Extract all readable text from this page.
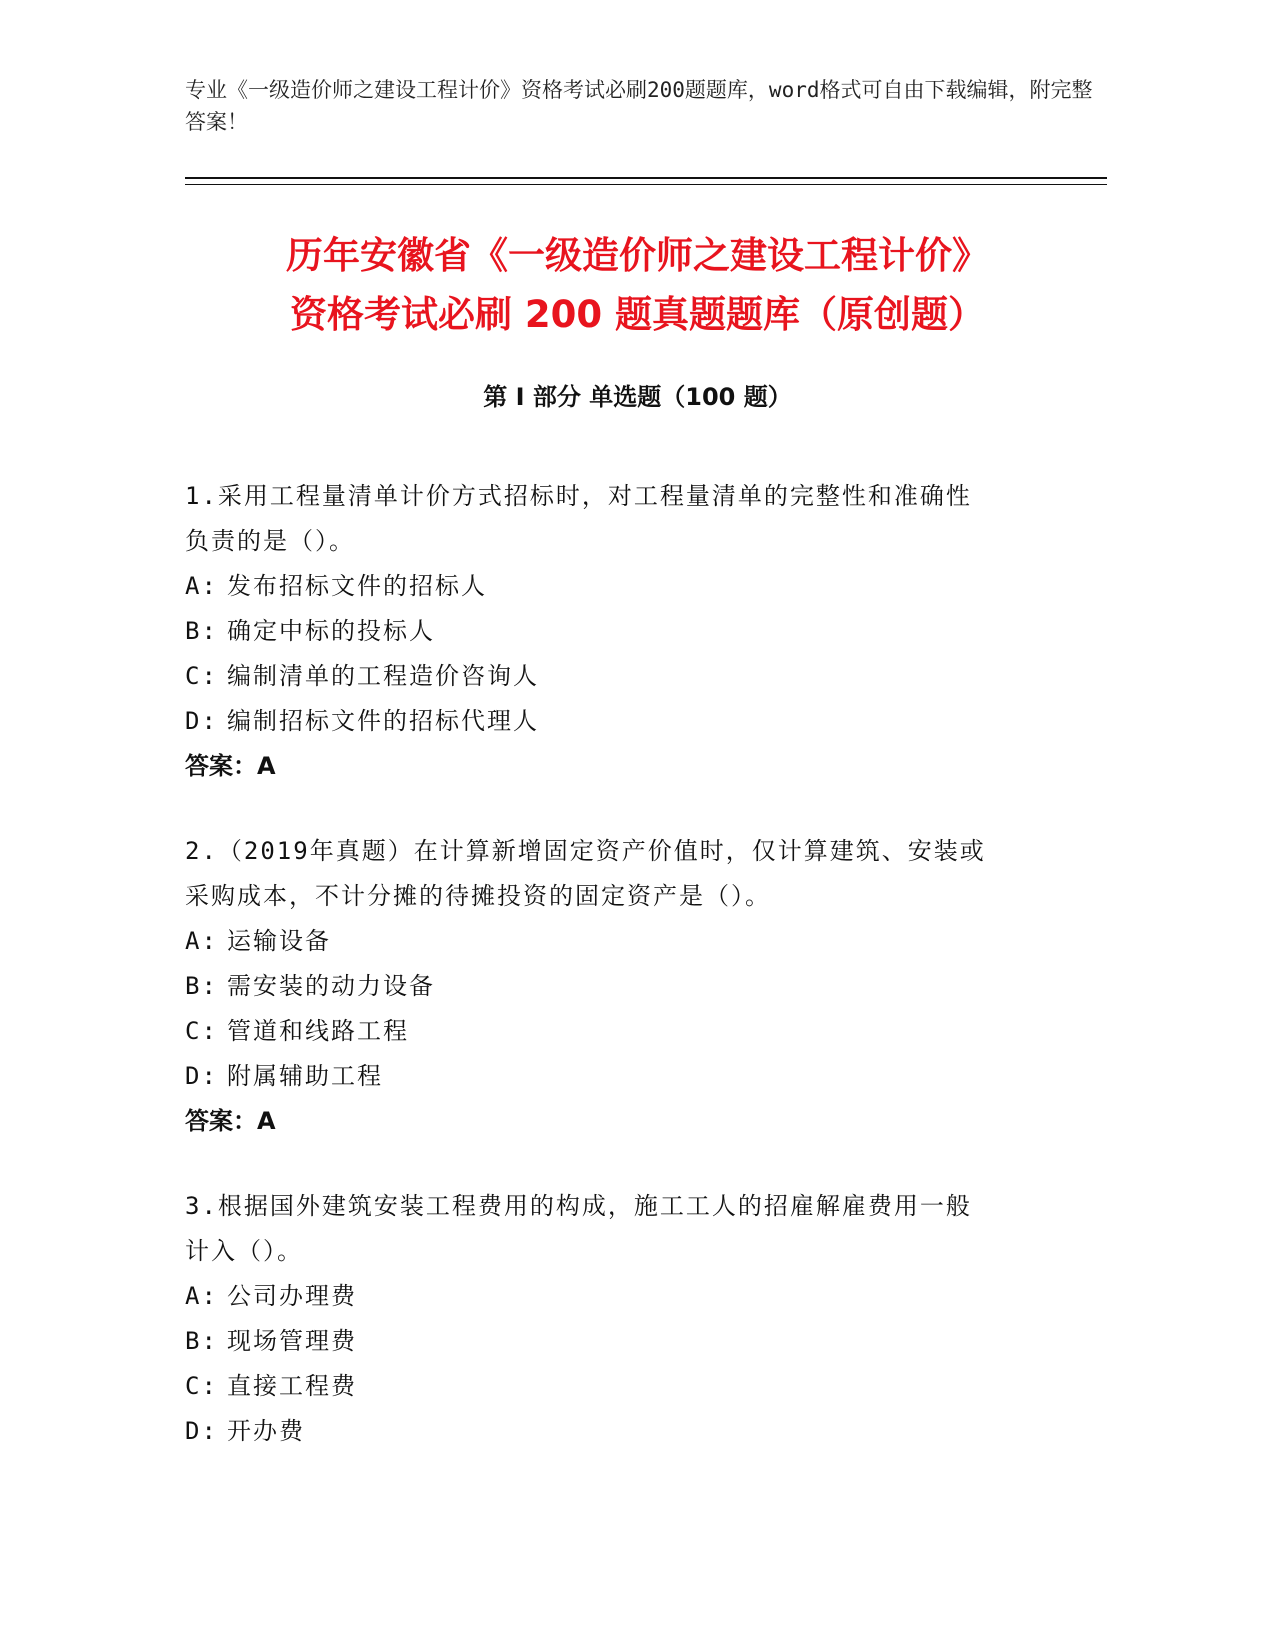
专业《一级造价师之建设工程计价》资格考试必刷200题题库，word格式可自由下载编辑，附完整答案！
历年安徽省《一级造价师之建设工程计价》
资格考试必刷 200 题真题题库（原创题）
第 I 部分 单选题（100 题）
1.采用工程量清单计价方式招标时，对工程量清单的完整性和准确性
负责的是（）。
A: 发布招标文件的招标人
B: 确定中标的投标人
C: 编制清单的工程造价咨询人
D: 编制招标文件的招标代理人
答案：A
2.（2019年真题）在计算新增固定资产价值时，仅计算建筑、安装或
采购成本，不计分摊的待摊投资的固定资产是（）。
A: 运输设备
B: 需安装的动力设备
C: 管道和线路工程
D: 附属辅助工程
答案：A
3.根据国外建筑安装工程费用的构成，施工工人的招雇解雇费用一般
计入（）。
A: 公司办理费
B: 现场管理费
C: 直接工程费
D: 开办费
